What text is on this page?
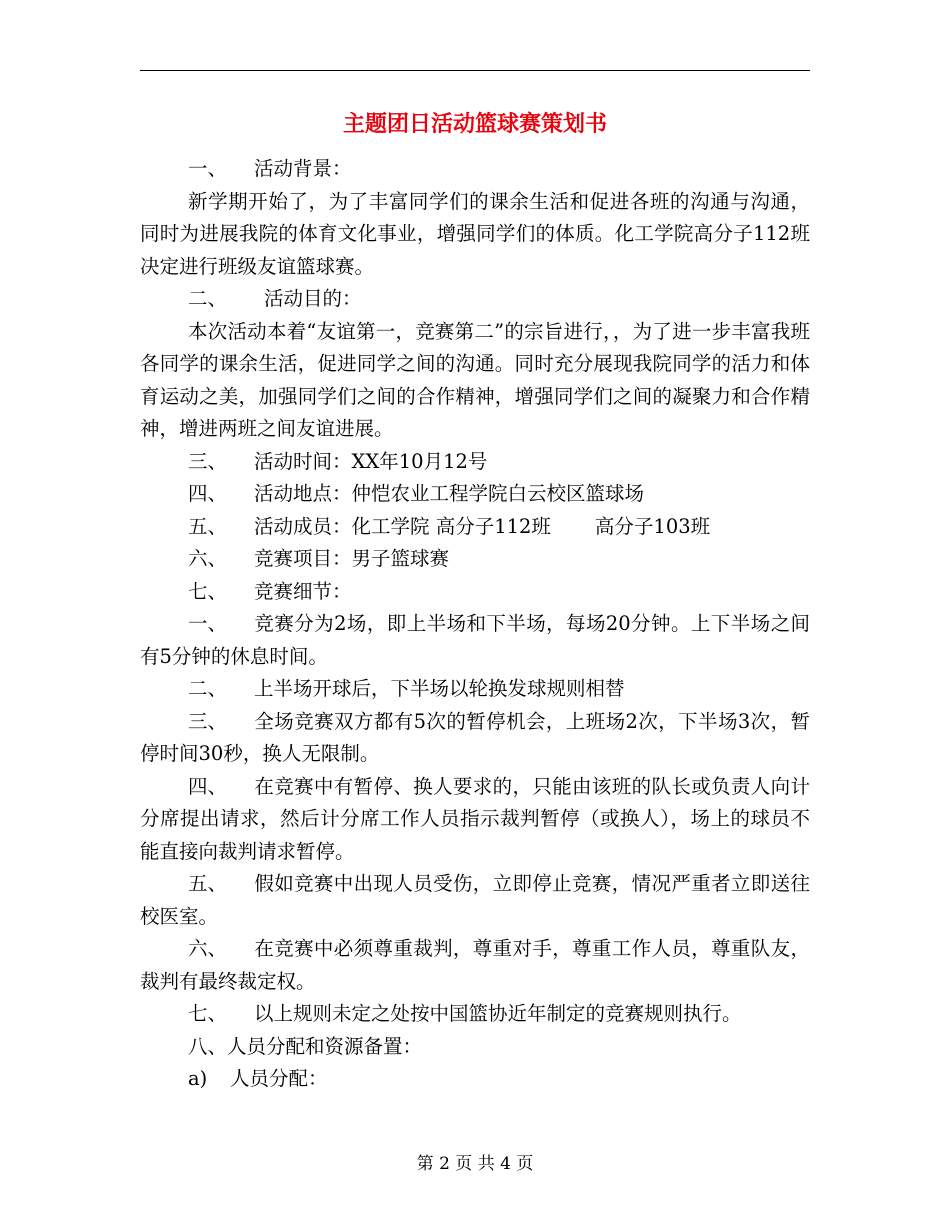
主题团日活动篮球赛策划书

一、 活动背景：

新学期开始了，为了丰富同学们的课余生活和促进各班的沟通与沟通，同时为进展我院的体育文化事业，增强同学们的体质。化工学院高分子112班决定进行班级友谊篮球赛。

二、 活动目的：

本次活动本着“友谊第一，竞赛第二”的宗旨进行，，为了进一步丰富我班各同学的课余生活，促进同学之间的沟通。同时充分展现我院同学的活力和体育运动之美，加强同学们之间的合作精神，增强同学们之间的凝聚力和合作精神，增进两班之间友谊进展。

三、 活动时间：XX年10月12号

四、 活动地点：仲恺农业工程学院白云校区篮球场

五、 活动成员：化工学院 高分子112班 高分子103班

六、 竞赛项目：男子篮球赛

七、 竞赛细节：

一、 竞赛分为2场，即上半场和下半场，每场20分钟。上下半场之间有5分钟的休息时间。

二、 上半场开球后，下半场以轮换发球规则相替

三、 全场竞赛双方都有5次的暂停机会，上班场2次，下半场3次，暂停时间30秒，换人无限制。

四、 在竞赛中有暂停、换人要求的，只能由该班的队长或负责人向计分席提出请求，然后计分席工作人员指示裁判暂停（或换人），场上的球员不能直接向裁判请求暂停。

五、 假如竞赛中出现人员受伤，立即停止竞赛，情况严重者立即送往校医室。

六、 在竞赛中必须尊重裁判，尊重对手，尊重工作人员，尊重队友，裁判有最终裁定权。

七、 以上规则未定之处按中国篮协近年制定的竞赛规则执行。

八、人员分配和资源备置：

a) 人员分配：

第 2 页 共 4 页
